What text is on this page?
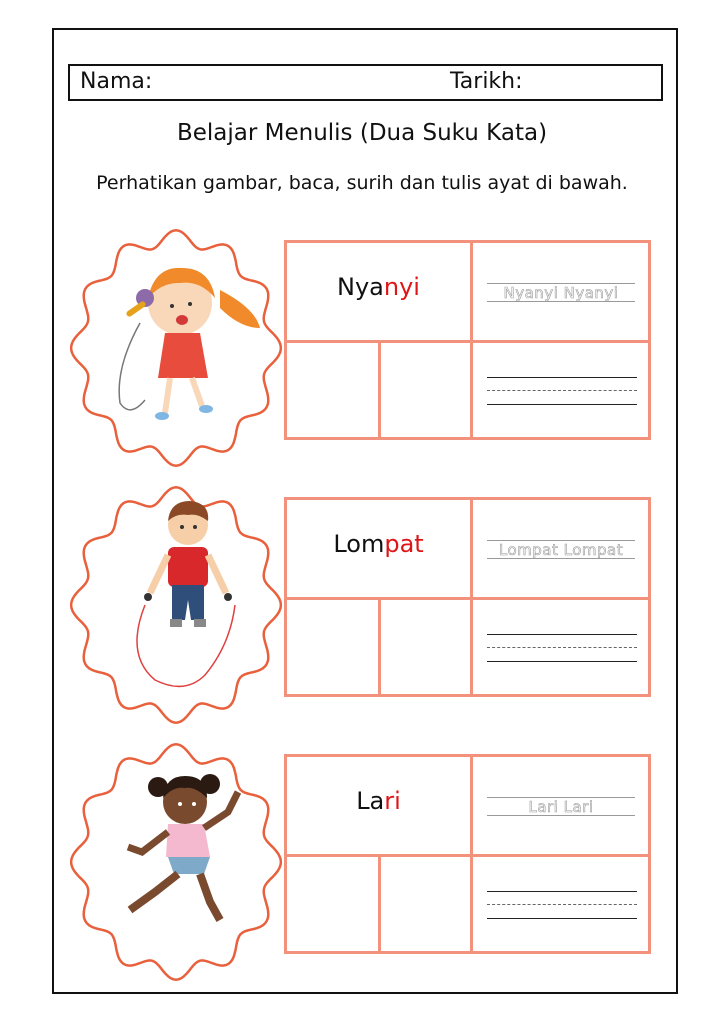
Nama:	Tarikh:
Belajar Menulis (Dua Suku Kata)
Perhatikan gambar, baca, surih dan tulis ayat di bawah.
Nyanyi	Nyanyi Nyanyi
Lompat	Lompat Lompat
Lari	Lari Lari
